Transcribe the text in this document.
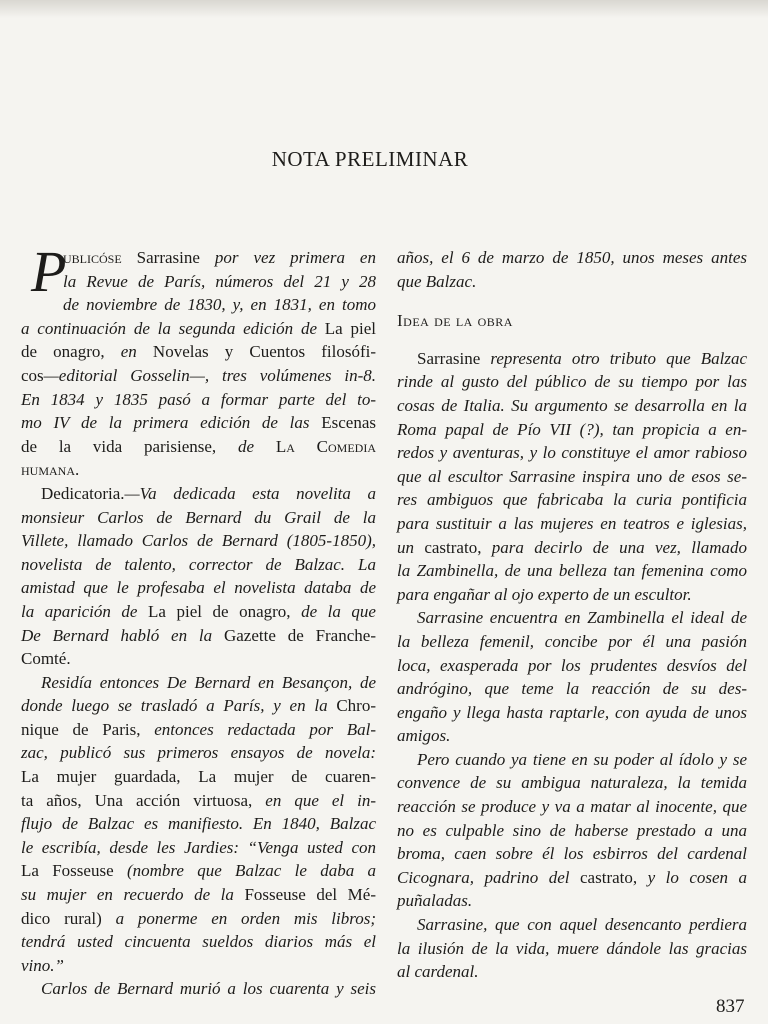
NOTA PRELIMINAR
P
ublicóse Sarrasine por vez primera en
la Revue de París, números del 21 y 28
de noviembre de 1830, y, en 1831, en tomo
a continuación de la segunda edición de La piel
de onagro, en Novelas y Cuentos filosófi-
cos—editorial Gosselin—, tres volúmenes in-8.
En 1834 y 1835 pasó a formar parte del to-
mo IV de la primera edición de las Escenas
de la vida parisiense, de La Comedia
humana.
Dedicatoria.—Va dedicada esta novelita a
monsieur Carlos de Bernard du Grail de la
Villete, llamado Carlos de Bernard (1805-1850),
novelista de talento, corrector de Balzac. La
amistad que le profesaba el novelista databa de
la aparición de La piel de onagro, de la que
De Bernard habló en la Gazette de Franche-
Comté.
Residía entonces De Bernard en Besançon, de
donde luego se trasladó a París, y en la Chro-
nique de Paris, entonces redactada por Bal-
zac, publicó sus primeros ensayos de novela:
La mujer guardada, La mujer de cuaren-
ta años, Una acción virtuosa, en que el in-
flujo de Balzac es manifiesto. En 1840, Balzac
le escribía, desde les Jardies: “Venga usted con
La Fosseuse (nombre que Balzac le daba a
su mujer en recuerdo de la Fosseuse del Mé-
dico rural) a ponerme en orden mis libros;
tendrá usted cincuenta sueldos diarios más el
vino.”
Carlos de Bernard murió a los cuarenta y seis
años, el 6 de marzo de 1850, unos meses antes
que Balzac.
Idea de la obra
Sarrasine representa otro tributo que Balzac
rinde al gusto del público de su tiempo por las
cosas de Italia. Su argumento se desarrolla en la
Roma papal de Pío VII (?), tan propicia a en-
redos y aventuras, y lo constituye el amor rabioso
que al escultor Sarrasine inspira uno de esos se-
res ambiguos que fabricaba la curia pontificia
para sustituir a las mujeres en teatros e iglesias,
un castrato, para decirlo de una vez, llamado
la Zambinella, de una belleza tan femenina como
para engañar al ojo experto de un escultor.
Sarrasine encuentra en Zambinella el ideal de
la belleza femenil, concibe por él una pasión
loca, exasperada por los prudentes desvíos del
andrógino, que teme la reacción de su des-
engaño y llega hasta raptarle, con ayuda de unos
amigos.
Pero cuando ya tiene en su poder al ídolo y se
convence de su ambigua naturaleza, la temida
reacción se produce y va a matar al inocente, que
no es culpable sino de haberse prestado a una
broma, caen sobre él los esbirros del cardenal
Cicognara, padrino del castrato, y lo cosen a
puñaladas.
Sarrasine, que con aquel desencanto perdiera
la ilusión de la vida, muere dándole las gracias
al cardenal.
837
